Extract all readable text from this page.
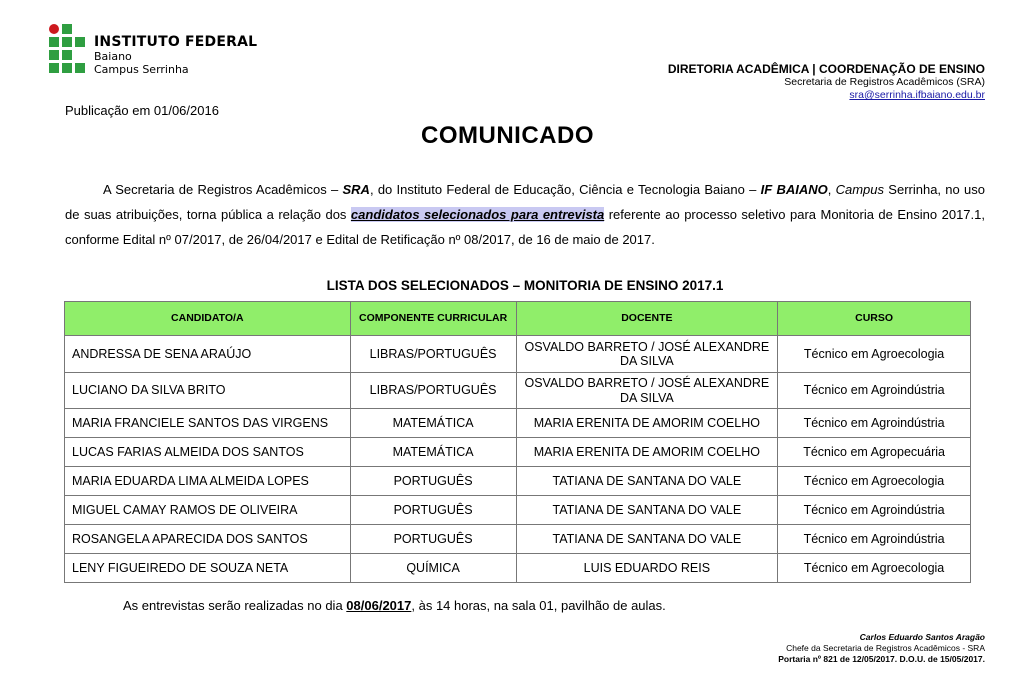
INSTITUTO FEDERAL
Baiano
Campus Serrinha	DIRETORIA ACADÊMICA | COORDENAÇÃO DE ENSINO
Secretaria de Registros Acadêmicos (SRA)
sra@serrinha.ifbaiano.edu.br
Publicação em 01/06/2016
COMUNICADO
A Secretaria de Registros Acadêmicos – SRA, do Instituto Federal de Educação, Ciência e Tecnologia Baiano – IF BAIANO, Campus Serrinha, no uso de suas atribuições, torna pública a relação dos candidatos selecionados para entrevista referente ao processo seletivo para Monitoria de Ensino 2017.1, conforme Edital nº 07/2017, de 26/04/2017 e Edital de Retificação nº 08/2017, de 16 de maio de 2017.
LISTA DOS SELECIONADOS – MONITORIA DE ENSINO 2017.1
CANDIDATO/A	COMPONENTE CURRICULAR	DOCENTE	CURSO
ANDRESSA DE SENA ARAÚJO	LIBRAS/PORTUGUÊS	OSVALDO BARRETO / JOSÉ ALEXANDRE DA SILVA	Técnico em Agroecologia
LUCIANO DA SILVA BRITO	LIBRAS/PORTUGUÊS	OSVALDO BARRETO / JOSÉ ALEXANDRE DA SILVA	Técnico em Agroindústria
MARIA FRANCIELE SANTOS DAS VIRGENS	MATEMÁTICA	MARIA ERENITA DE AMORIM COELHO	Técnico em Agroindústria
LUCAS FARIAS ALMEIDA DOS SANTOS	MATEMÁTICA	MARIA ERENITA DE AMORIM COELHO	Técnico em Agropecuária
MARIA EDUARDA LIMA ALMEIDA LOPES	PORTUGUÊS	TATIANA DE SANTANA DO VALE	Técnico em Agroecologia
MIGUEL CAMAY RAMOS DE OLIVEIRA	PORTUGUÊS	TATIANA DE SANTANA DO VALE	Técnico em Agroindústria
ROSANGELA APARECIDA DOS SANTOS	PORTUGUÊS	TATIANA DE SANTANA DO VALE	Técnico em Agroindústria
LENY FIGUEIREDO DE SOUZA NETA	QUÍMICA	LUIS EDUARDO REIS	Técnico em Agroecologia
As entrevistas serão realizadas no dia 08/06/2017, às 14 horas, na sala 01, pavilhão de aulas.
Carlos Eduardo Santos Aragão
Chefe da Secretaria de Registros Acadêmicos - SRA
Portaria nº 821 de 12/05/2017. D.O.U. de 15/05/2017.
